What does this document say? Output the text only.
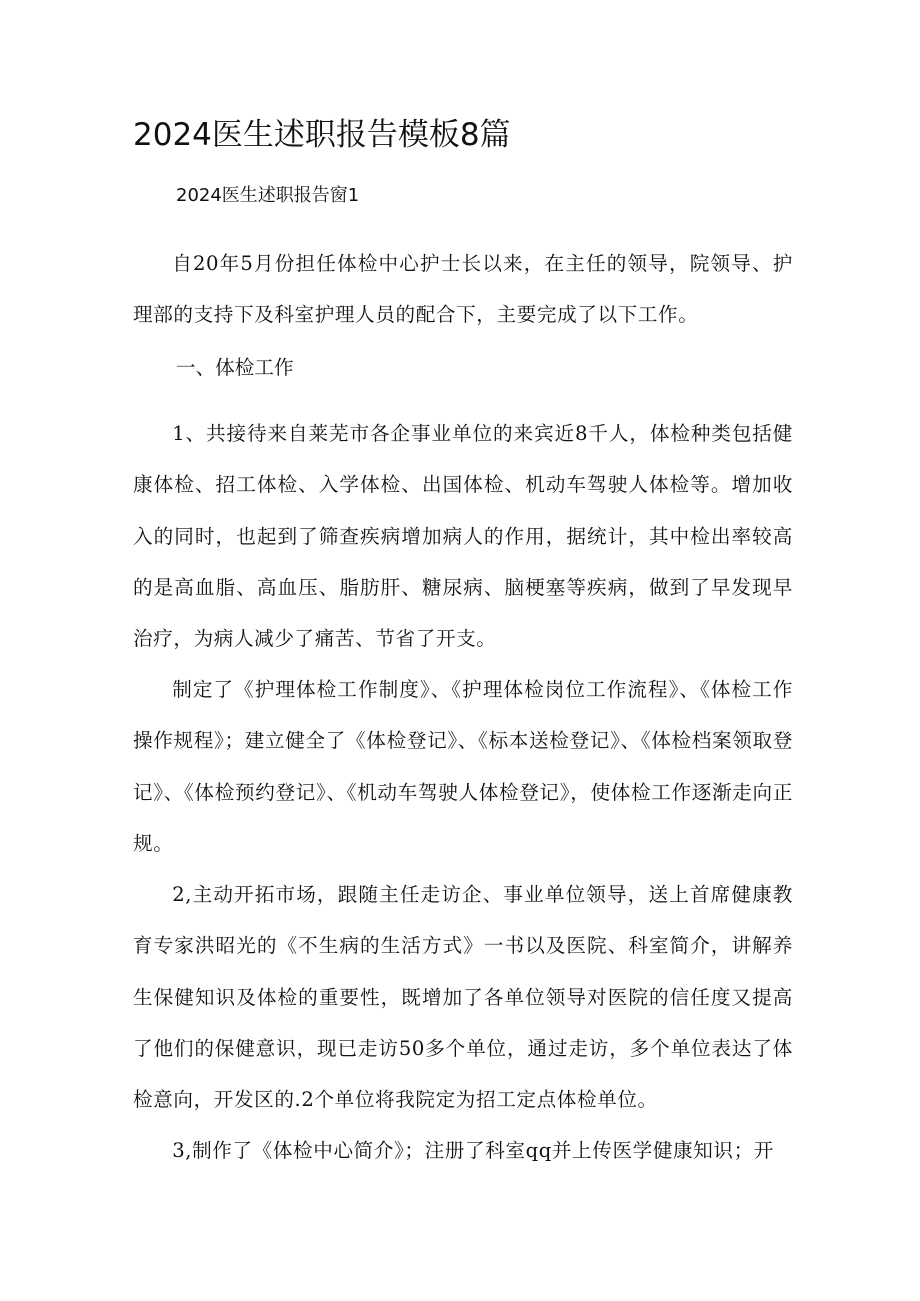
2024医生述职报告模板8篇

2024医生述职报告窗1

自20年5月份担任体检中心护士长以来，在主任的领导，院领导、护理部的支持下及科室护理人员的配合下，主要完成了以下工作。

一、体检工作

1、共接待来自莱芜市各企事业单位的来宾近8千人，体检种类包括健康体检、招工体检、入学体检、出国体检、机动车驾驶人体检等。增加收入的同时，也起到了筛查疾病增加病人的作用，据统计，其中检出率较高的是高血脂、高血压、脂肪肝、糖尿病、脑梗塞等疾病，做到了早发现早治疗，为病人减少了痛苦、节省了开支。

制定了《护理体检工作制度》、《护理体检岗位工作流程》、《体检工作操作规程》；建立健全了《体检登记》、《标本送检登记》、《体检档案领取登记》、《体检预约登记》、《机动车驾驶人体检登记》，使体检工作逐渐走向正规。

2,主动开拓市场，跟随主任走访企、事业单位领导，送上首席健康教育专家洪昭光的《不生病的生活方式》一书以及医院、科室简介，讲解养生保健知识及体检的重要性，既增加了各单位领导对医院的信任度又提高了他们的保健意识，现已走访50多个单位，通过走访，多个单位表达了体检意向，开发区的.2个单位将我院定为招工定点体检单位。

3,制作了《体检中心简介》；注册了科室qq并上传医学健康知识；开
